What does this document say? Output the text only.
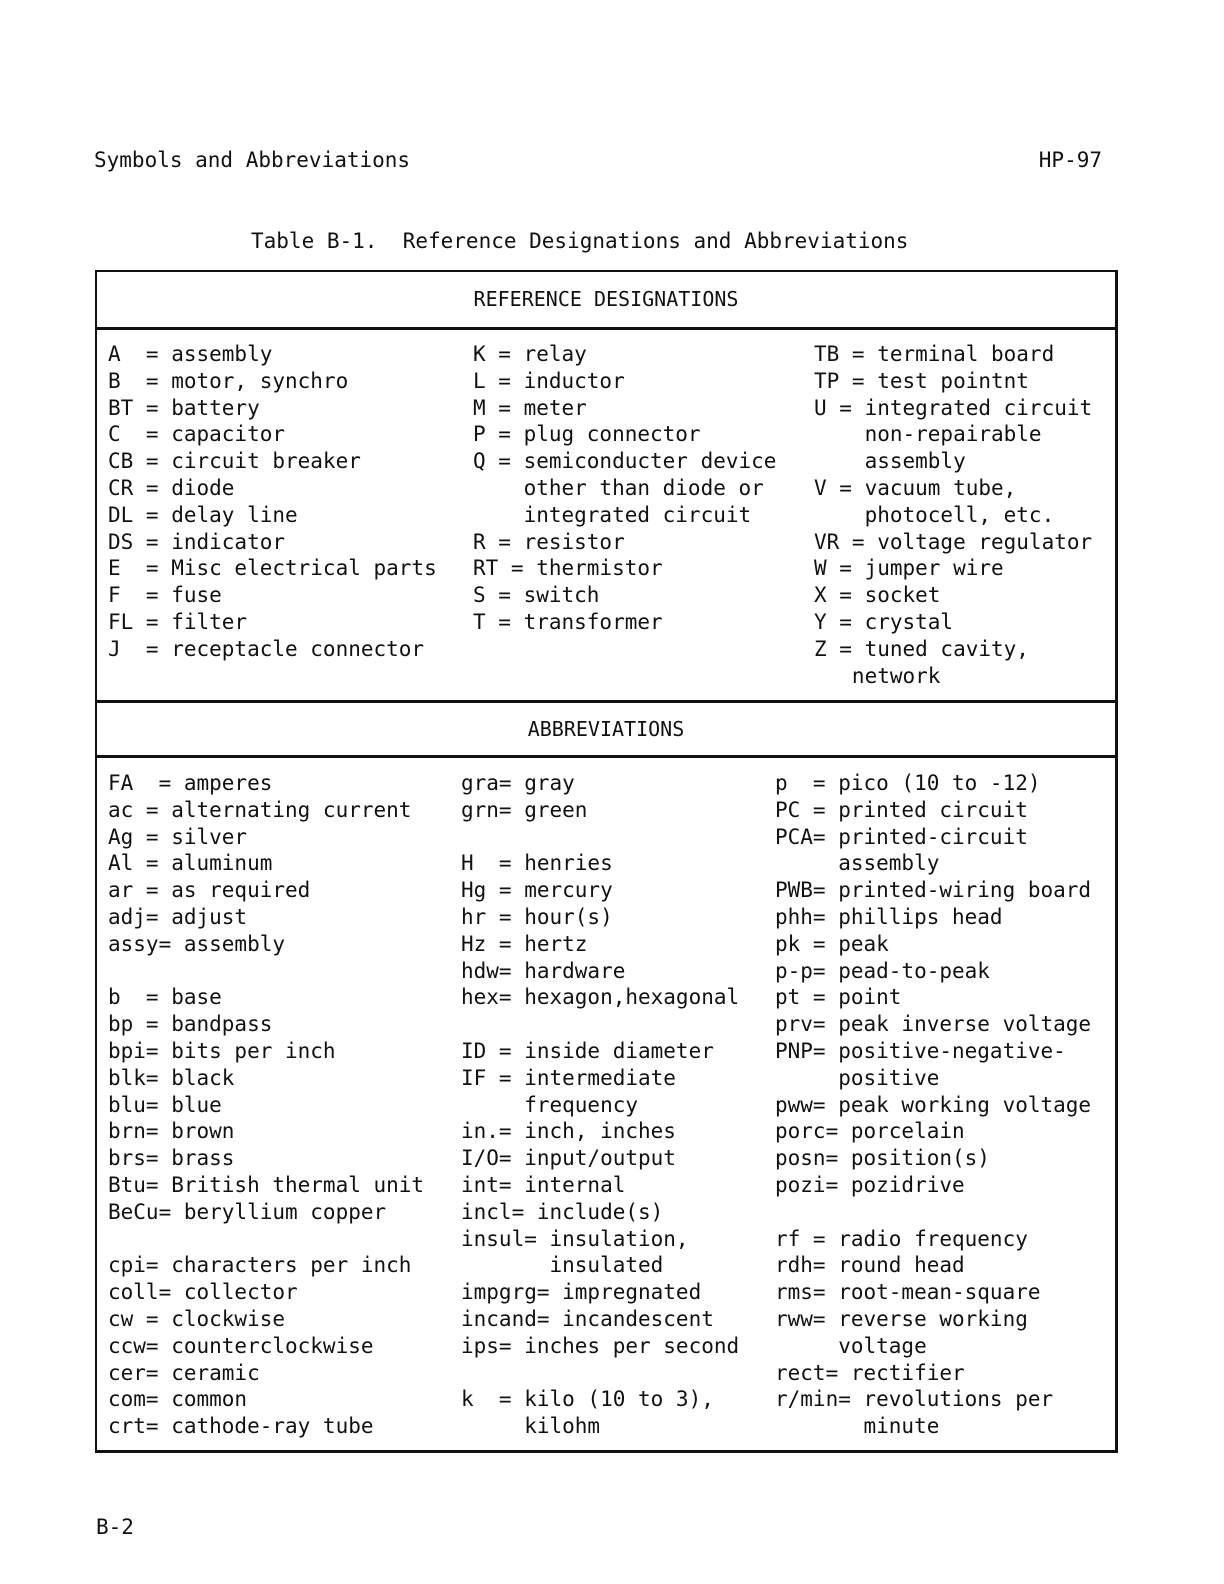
Symbols and Abbreviations	HP-97
Table B-1.  Reference Designations and Abbreviations
REFERENCE DESIGNATIONS
A  = assembly
B  = motor, synchro
BT = battery
C  = capacitor
CB = circuit breaker
CR = diode
DL = delay line
DS = indicator
E  = Misc electrical parts
F  = fuse
FL = filter
J  = receptacle connector
K = relay
L = inductor
M = meter
P = plug connector
Q = semiconducter device
other than diode or
integrated circuit
R = resistor
RT = thermistor
S = switch
T = transformer
TB = terminal board
TP = test pointnt
U = integrated circuit
non-repairable
assembly
V = vacuum tube,
photocell, etc.
VR = voltage regulator
W = jumper wire
X = socket
Y = crystal
Z = tuned cavity,
network
ABBREVIATIONS
FA  = amperes
ac = alternating current
Ag = silver
Al = aluminum
ar = as required
adj= adjust
assy= assembly
b  = base
bp = bandpass
bpi= bits per inch
blk= black
blu= blue
brn= brown
brs= brass
Btu= British thermal unit
BeCu= beryllium copper
cpi= characters per inch
coll= collector
cw = clockwise
ccw= counterclockwise
cer= ceramic
com= common
crt= cathode-ray tube
gra= gray
grn= green
H  = henries
Hg = mercury
hr = hour(s)
Hz = hertz
hdw= hardware
hex= hexagon,hexagonal
ID = inside diameter
IF = intermediate
frequency
in.= inch, inches
I/O= input/output
int= internal
incl= include(s)
insul= insulation,
insulated
impgrg= impregnated
incand= incandescent
ips= inches per second
k  = kilo (10 to 3),
kilohm
p  = pico (10 to -12)
PC = printed circuit
PCA= printed-circuit
assembly
PWB= printed-wiring board
phh= phillips head
pk = peak
p-p= pead-to-peak
pt = point
prv= peak inverse voltage
PNP= positive-negative-
positive
pww= peak working voltage
porc= porcelain
posn= position(s)
pozi= pozidrive
rf = radio frequency
rdh= round head
rms= root-mean-square
rww= reverse working
voltage
rect= rectifier
r/min= revolutions per
minute
B-2
